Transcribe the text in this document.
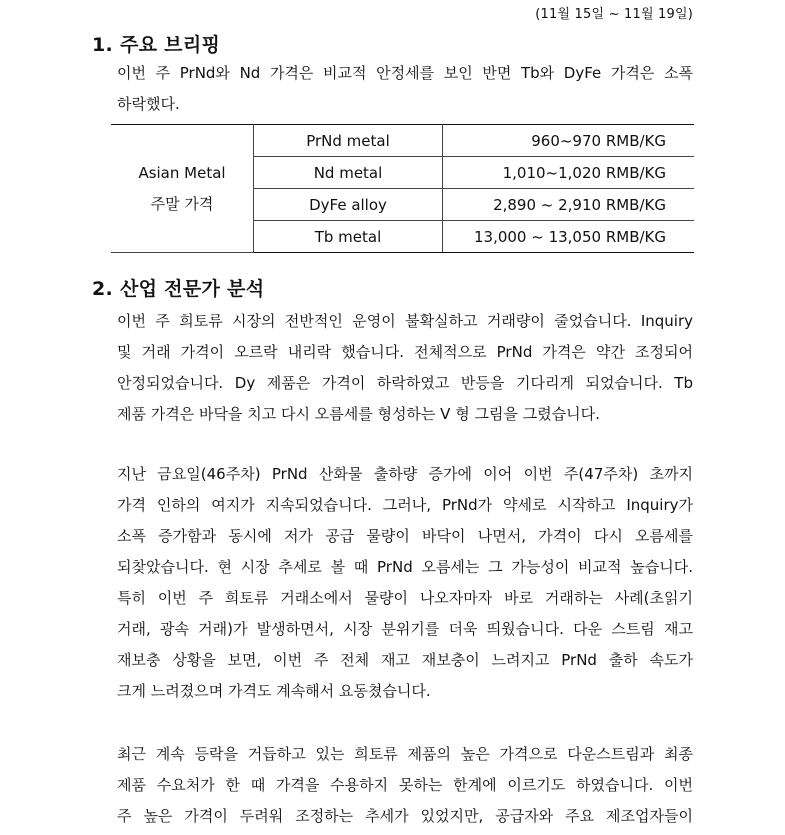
(11월 15일 ~ 11월 19일)
1. 주요 브리핑
이번 주 PrNd와 Nd 가격은 비교적 안정세를 보인 반면 Tb와 DyFe 가격은 소폭
하락했다.
Asian Metal
주말 가격	PrNd metal	960~970 RMB/KG
	Nd metal	1,010~1,020 RMB/KG
	DyFe alloy	2,890 ~ 2,910 RMB/KG
	Tb metal	13,000 ~ 13,050 RMB/KG
2. 산업 전문가 분석
이번 주 희토류 시장의 전반적인 운영이 불확실하고 거래량이 줄었습니다. Inquiry
및 거래 가격이 오르락 내리락 했습니다. 전체적으로 PrNd 가격은 약간 조정되어
안정되었습니다. Dy 제품은 가격이 하락하였고 반등을 기다리게 되었습니다. Tb
제품 가격은 바닥을 치고 다시 오름세를 형성하는 V 형 그림을 그렸습니다.
지난 금요일(46주차) PrNd 산화물 출하량 증가에 이어 이번 주(47주차) 초까지
가격 인하의 여지가 지속되었습니다. 그러나, PrNd가 약세로 시작하고 Inquiry가
소폭 증가함과 동시에 저가 공급 물량이 바닥이 나면서, 가격이 다시 오름세를
되찾았습니다. 현 시장 추세로 볼 때 PrNd 오름세는 그 가능성이 비교적 높습니다.
특히 이번 주 희토류 거래소에서 물량이 나오자마자 바로 거래하는 사례(초읽기
거래, 광속 거래)가 발생하면서, 시장 분위기를 더욱 띄웠습니다. 다운 스트림 재고
재보충 상황을 보면, 이번 주 전체 재고 재보충이 느려지고 PrNd 출하 속도가
크게 느려졌으며 가격도 계속해서 요동쳤습니다.
최근 계속 등락을 거듭하고 있는 희토류 제품의 높은 가격으로 다운스트림과 최종
제품 수요처가 한 때 가격을 수용하지 못하는 한계에 이르기도 하였습니다. 이번
주 높은 가격이 두려워 조정하는 추세가 있었지만, 공급자와 주요 제조업자들이
